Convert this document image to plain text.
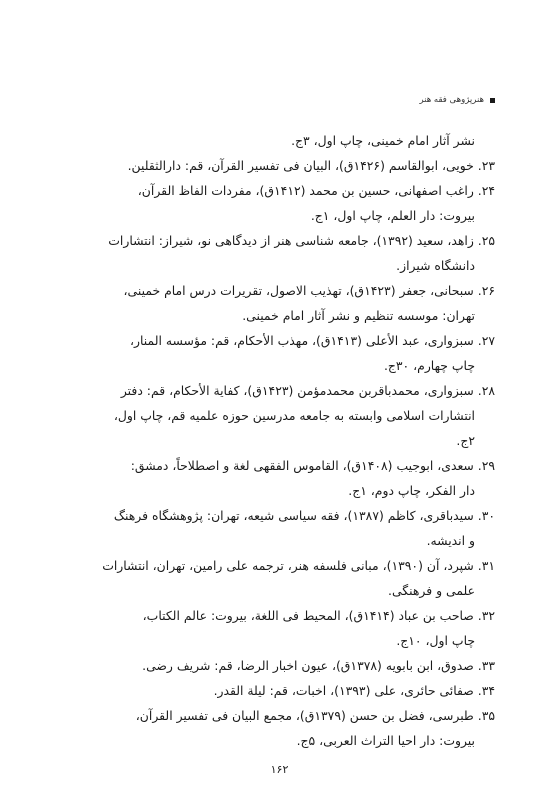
هنرپژوهی فقه هنر

نشر آثار امام خمینی، چاپ اول، ۳ج.

۲۳. خویی، ابوالقاسم (۱۴۲۶ق)، البیان فی تفسیر القرآن، قم: دارالثقلین.

۲۴. راغب اصفهانی، حسین بن محمد (۱۴۱۲ق)، مفردات الفاظ القرآن،
بیروت: دار العلم، چاپ اول، ۱ج.

۲۵. زاهد، سعید (۱۳۹۲)، جامعه شناسی هنر از دیدگاهی نو، شیراز: انتشارات
دانشگاه شیراز.

۲۶. سبحانی، جعفر (۱۴۲۳ق)، تهذیب الاصول، تقریرات درس امام خمینی،
تهران: موسسه تنظیم و نشر آثار امام خمینی.

۲۷. سبزواری، عبد الأعلی (۱۴۱۳ق)، مهذب الأحکام، قم: مؤسسه المنار،
چاپ چهارم، ۳۰ج.

۲۸. سبزواری، محمدباقربن محمدمؤمن (۱۴۲۳ق)، کفایة الأحکام، قم: دفتر
انتشارات اسلامی وابسته به جامعه مدرسین حوزه علمیه قم، چاپ اول،
۲ج.

۲۹. سعدی، ابوجیب (۱۴۰۸ق)، القاموس الفقهی لغة و اصطلاحاً، دمشق:
دار الفکر، چاپ دوم، ۱ج.

۳۰. سیدباقری، کاظم (۱۳۸۷)، فقه سیاسی شیعه، تهران: پژوهشگاه فرهنگ
و اندیشه.

۳۱. شپرد، آن (۱۳۹۰)، مبانی فلسفه هنر، ترجمه علی رامین، تهران، انتشارات
علمی و فرهنگی.

۳۲. صاحب بن عباد (۱۴۱۴ق)، المحیط فی اللغة، بیروت: عالم الکتاب،
چاپ اول، ۱۰ج.

۳۳. صدوق، ابن بابویه (۱۳۷۸ق)، عیون اخبار الرضا، قم: شریف رضی.

۳۴. صفائی حائری، علی (۱۳۹۳)، اخبات، قم: لیلة القدر.

۳۵. طبرسی، فضل بن حسن (۱۳۷۹ق)، مجمع البیان فی تفسیر القرآن،
بیروت: دار احیا التراث العربی، ۵ج.

۱۶۲
